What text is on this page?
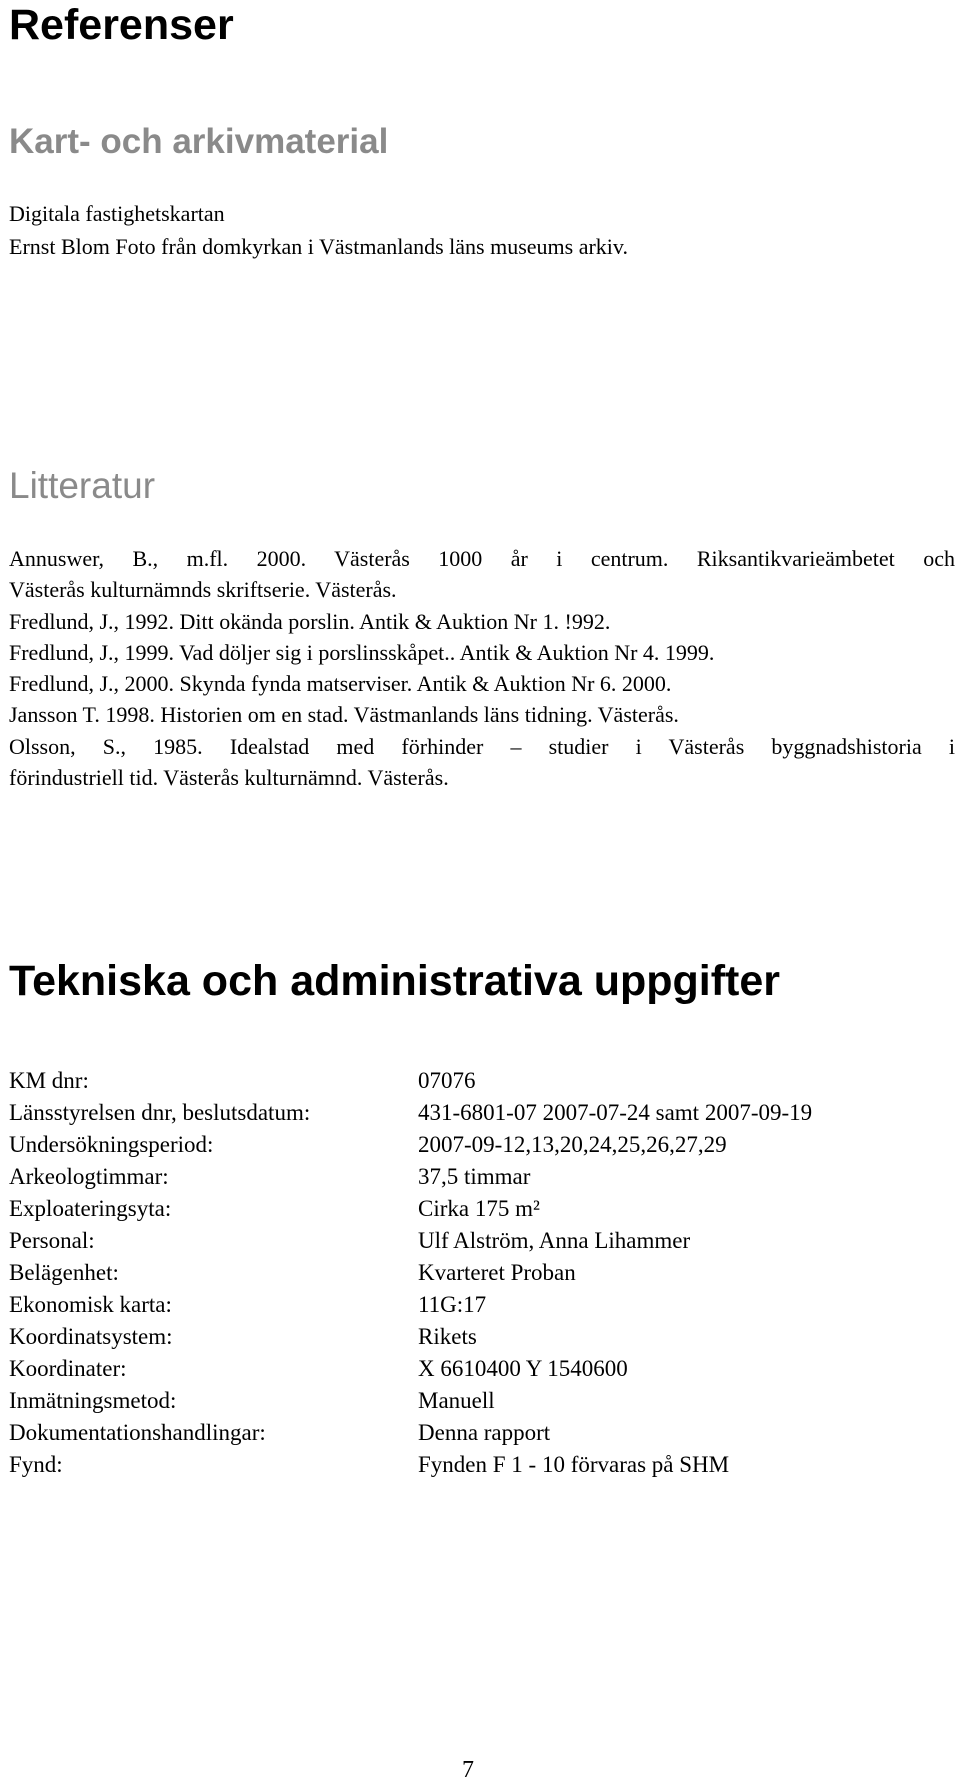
Referenser
Kart- och arkivmaterial
Digitala fastighetskartan
Ernst Blom Foto från domkyrkan i Västmanlands läns museums arkiv.
Litteratur

Annuswer, B., m.fl. 2000. Västerås 1000 år i centrum. Riksantikvarieämbetet och

Västerås kulturnämnds skriftserie. Västerås.

Fredlund, J., 1992. Ditt okända porslin. Antik & Auktion Nr 1. !992.

Fredlund, J., 1999. Vad döljer sig i porslinsskåpet.. Antik & Auktion Nr 4. 1999.

Fredlund, J., 2000. Skynda fynda matserviser. Antik & Auktion Nr 6. 2000.

Jansson T. 1998. Historien om en stad. Västmanlands läns tidning. Västerås.

Olsson, S., 1985. Idealstad med förhinder – studier i Västerås byggnadshistoria i

förindustriell tid. Västerås kulturnämnd. Västerås.

Tekniska och administrativa uppgifter
KM dnr:	07076
Länsstyrelsen dnr, beslutsdatum:	431-6801-07 2007-07-24 samt 2007-09-19
Undersökningsperiod:	2007-09-12,13,20,24,25,26,27,29
Arkeologtimmar:	37,5 timmar
Exploateringsyta:	Cirka 175 m²
Personal:	Ulf Alström, Anna Lihammer
Belägenhet:	Kvarteret Proban
Ekonomisk karta:	11G:17
Koordinatsystem:	Rikets
Koordinater:	X 6610400 Y 1540600
Inmätningsmetod:	Manuell
Dokumentationshandlingar:	Denna rapport
Fynd:	Fynden F 1 - 10 förvaras på SHM
7
